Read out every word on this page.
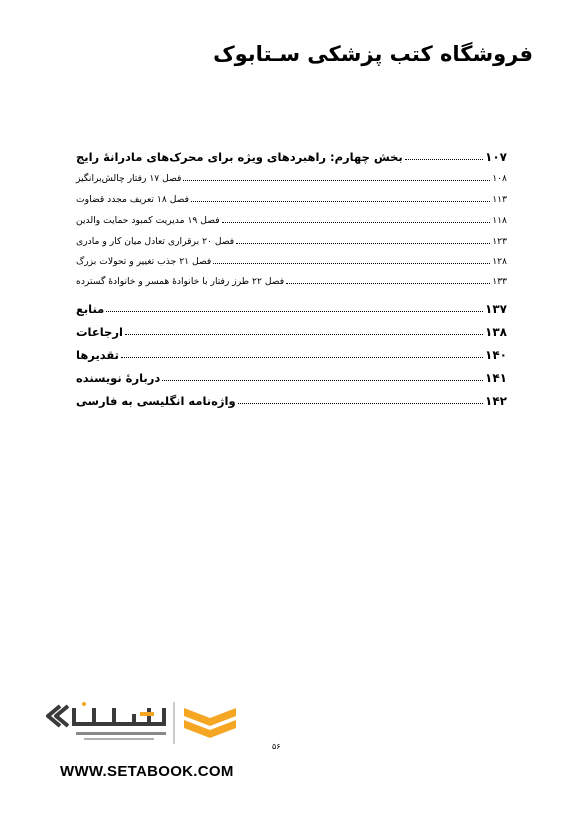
فروشگاه کتب پزشکی سـتابوک
بخش چهارم: راهبردهای ویژه برای محرک‌های مادرانهٔ رایج	۱۰۷
فصل ۱۷ رفتار چالش‌برانگیز	۱۰۸
فصل ۱۸ تعریف مجدد قضاوت	۱۱۳
فصل ۱۹ مدیریت کمبود حمایت والدین	۱۱۸
فصل ۲۰ برقراری تعادل میان کار و مادری	۱۲۳
فصل ۲۱ جذب تغییر و تحولات بزرگ	۱۲۸
فصل ۲۲ طرز رفتار با خانوادهٔ همسر و خانوادهٔ گسترده	۱۳۳
منابع	۱۳۷
ارجاعات	۱۳۸
تقدیرها	۱۴۰
دربارهٔ نویسنده	۱۴۱
واژه‌نامه انگلیسی به فارسی	۱۴۲
۵۶
WWW.SETABOOK.COM
